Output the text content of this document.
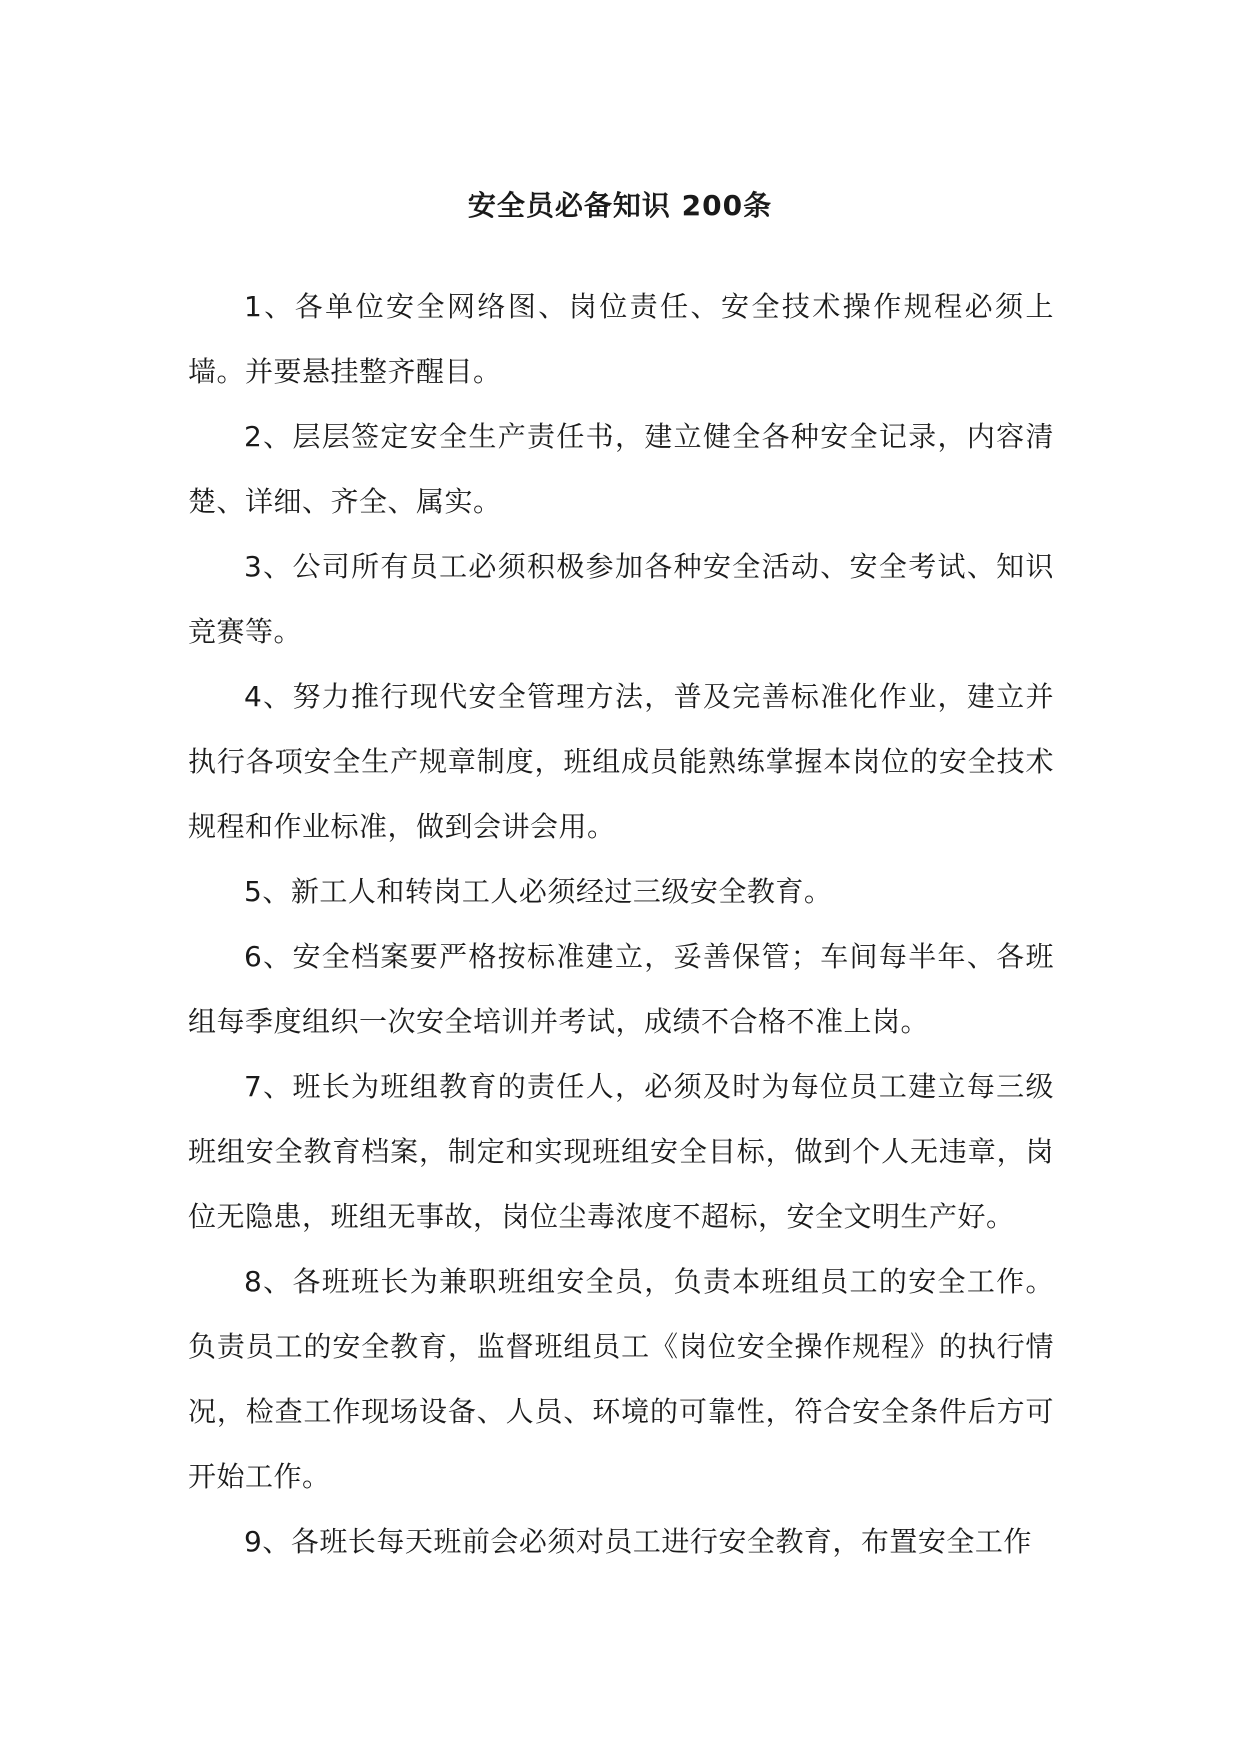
安全员必备知识 200条

1、各单位安全网络图、岗位责任、安全技术操作规程必须上墙。并要悬挂整齐醒目。

2、层层签定安全生产责任书，建立健全各种安全记录，内容清楚、详细、齐全、属实。

3、公司所有员工必须积极参加各种安全活动、安全考试、知识竞赛等。

4、努力推行现代安全管理方法，普及完善标准化作业，建立并执行各项安全生产规章制度，班组成员能熟练掌握本岗位的安全技术规程和作业标准，做到会讲会用。

5、新工人和转岗工人必须经过三级安全教育。

6、安全档案要严格按标准建立，妥善保管；车间每半年、各班组每季度组织一次安全培训并考试，成绩不合格不准上岗。

7、班长为班组教育的责任人，必须及时为每位员工建立每三级班组安全教育档案，制定和实现班组安全目标，做到个人无违章，岗位无隐患，班组无事故，岗位尘毒浓度不超标，安全文明生产好。

8、各班班长为兼职班组安全员，负责本班组员工的安全工作。负责员工的安全教育，监督班组员工《岗位安全操作规程》的执行情况，检查工作现场设备、人员、环境的可靠性，符合安全条件后方可开始工作。

9、各班长每天班前会必须对员工进行安全教育，布置安全工作
